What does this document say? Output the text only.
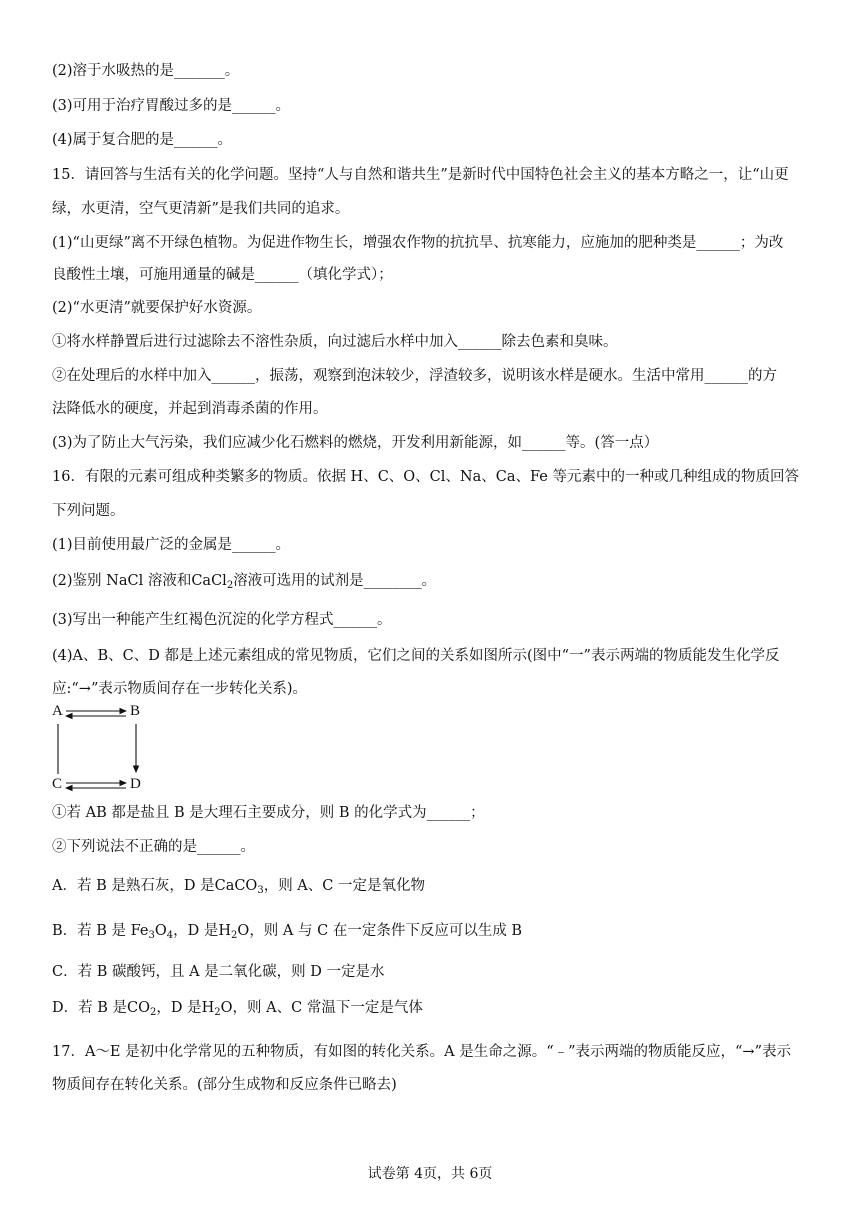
(2)溶于水吸热的是_______。
(3)可用于治疗胃酸过多的是______。
(4)属于复合肥的是______。
15．请回答与生活有关的化学问题。坚持“人与自然和谐共生”是新时代中国特色社会主义的基本方略之一，让“山更
绿，水更清，空气更清新”是我们共同的追求。
(1)“山更绿”离不开绿色植物。为促进作物生长，增强农作物的抗抗旱、抗寒能力，应施加的肥种类是______；为改
良酸性土壤，可施用通量的碱是______（填化学式）；
(2)“水更清”就要保护好水资源。
①将水样静置后进行过滤除去不溶性杂质，向过滤后水样中加入______除去色素和臭味。
②在处理后的水样中加入______，振荡，观察到泡沫较少，浮渣较多，说明该水样是硬水。生活中常用______的方
法降低水的硬度，并起到消毒杀菌的作用。
(3)为了防止大气污染，我们应减少化石燃料的燃烧，开发利用新能源，如______等。(答一点）
16．有限的元素可组成种类繁多的物质。依据 H、C、O、Cl、Na、Ca、Fe 等元素中的一种或几种组成的物质回答
下列问题。
(1)目前使用最广泛的金属是______。
(2)鉴别 NaCl 溶液和CaCl$_2$溶液可选用的试剂是________。
(3)写出一种能产生红褐色沉淀的化学方程式______。
(4)A、B、C、D 都是上述元素组成的常见物质，它们之间的关系如图所示(图中“一”表示两端的物质能发生化学反
应:“→”表示物质间存在一步转化关系)。
A	B
C	D
①若 AB 都是盐且 B 是大理石主要成分，则 B 的化学式为______；
②下列说法不正确的是______。
A．若 B 是熟石灰，D 是CaCO$_3$，则 A、C 一定是氧化物
B．若 B 是 $Fe_3O_4$，D 是$H_2O$，则 A 与 C 在一定条件下反应可以生成 B
C．若 B 碳酸钙，且 A 是二氧化碳，则 D 一定是水
D．若 B 是$CO_2$，D 是$H_2O$，则 A、C 常温下一定是气体
17．A～E 是初中化学常见的五种物质，有如图的转化关系。A 是生命之源。“﹣”表示两端的物质能反应，“→”表示
物质间存在转化关系。(部分生成物和反应条件已略去)
试卷第 4页，共 6页
